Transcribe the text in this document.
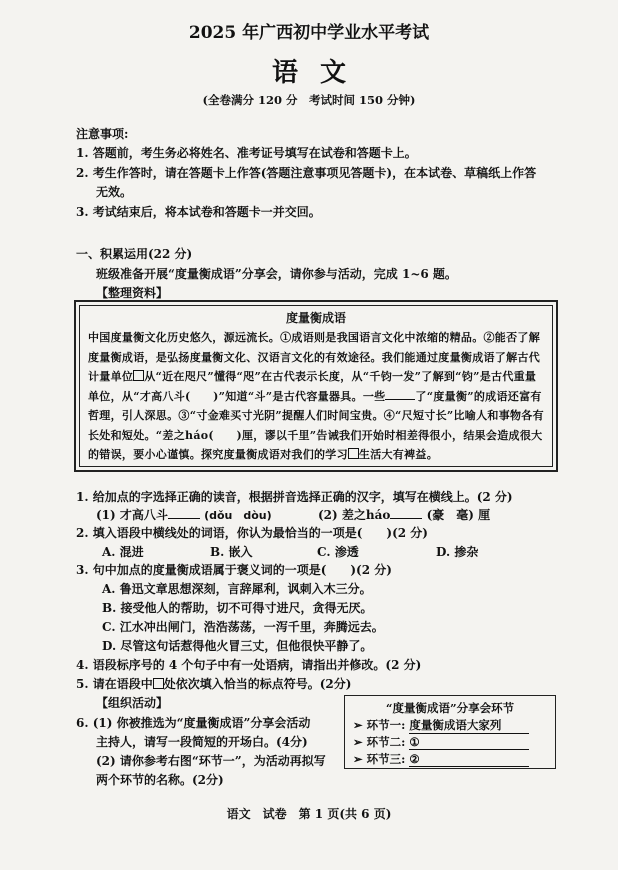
2025 年广西初中学业水平考试
语文
(全卷满分 120 分　考试时间 150 分钟)
注意事项:
1. 答题前，考生务必将姓名、准考证号填写在试卷和答题卡上。
2. 考生作答时，请在答题卡上作答(答题注意事项见答题卡)，在本试卷、草稿纸上作答
无效。
3. 考试结束后，将本试卷和答题卡一并交回。
一、积累运用(22 分)
班级准备开展“度量衡成语”分享会，请你参与活动，完成 1~6 题。
【整理资料】
度量衡成语
中国度量衡文化历史悠久，源远流长。①成语则是我国语言文化中浓缩的精品。②能否了解度量衡成语，是弘扬度量衡文化、汉语言文化的有效途径。我们能通过度量衡成语了解古代计量单位 从“近在咫尺”懂得“咫”在古代表示长度，从“千钧一发”了解到“钧”是古代重量单位，从“才高八斗(　　)”知道“斗”是古代容量器具。一些	了“度量衡”的成语还富有哲理，引人深思。③“寸金难买寸光阴”提醒人们时间宝贵。④“尺短寸长”比喻人和事物各有长处和短处。“差之háo(　　)厘，谬以千里”告诫我们开始时相差得很小，结果会造成很大的错误，要小心谨慎。探究度量衡成语对我们的学习 生活大有裨益。
1. 给加点的字选择正确的读音，根据拼音选择正确的汉字，填写在横线上。(2 分)
(1) 才高八斗	(dǒu　dòu)	(2) 差之háo	(豪　毫) 厘
2. 填入语段中横线处的词语，你认为最恰当的一项是(　　)(2 分)
A. 混进	B. 嵌入	C. 渗透	D. 掺杂
3. 句中加点的度量衡成语属于褒义词的一项是(　　)(2 分)
A. 鲁迅文章思想深刻，言辞犀利，讽刺入木三分。
B. 接受他人的帮助，切不可得寸进尺，贪得无厌。
C. 江水冲出闸门，浩浩荡荡，一泻千里，奔腾远去。
D. 尽管这句话惹得他火冒三丈，但他很快平静了。
4. 语段标序号的 4 个句子中有一处语病，请指出并修改。(2 分)
5. 请在语段中 处依次填入恰当的标点符号。(2分)
【组织活动】
6. (1) 你被推选为“度量衡成语”分享会活动
主持人，请写一段简短的开场白。(4分)
(2) 请你参考右图“环节一”，为活动再拟写
两个环节的名称。(2分)
“度量衡成语”分享会环节
➢ 环节一: 度量衡成语大家列
➢ 环节二: ①
➢ 环节三: ②
语文　试卷　第 1 页(共 6 页)
